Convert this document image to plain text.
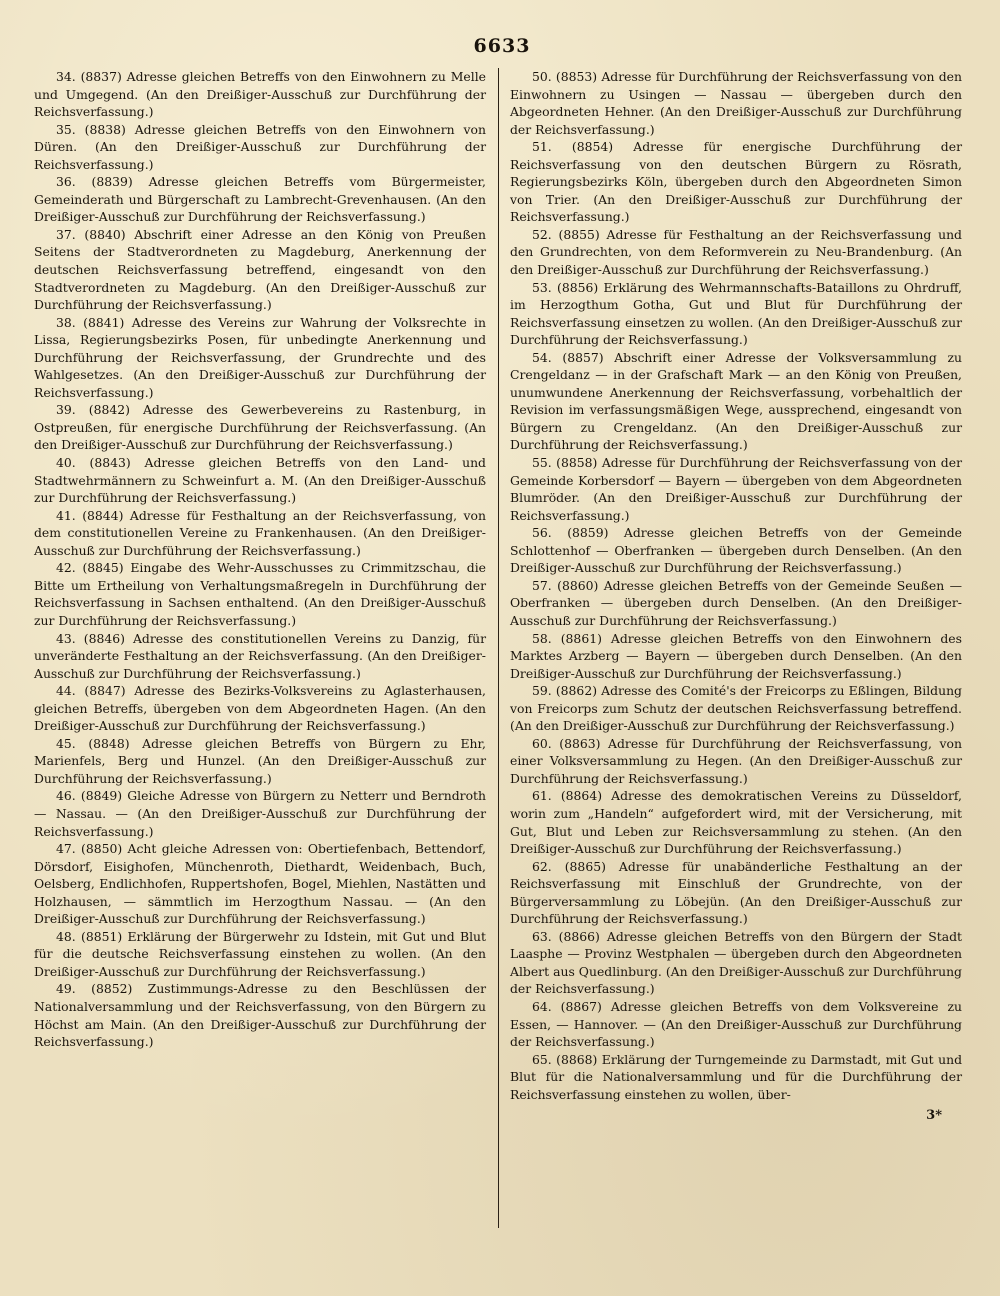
6633

34. (8837) Adresse gleichen Betreffs von den Einwohnern zu Melle und Umgegend. (An den Dreißiger-Ausschuß zur Durchführung der Reichsverfassung.)

35. (8838) Adresse gleichen Betreffs von den Einwohnern von Düren. (An den Dreißiger-Ausschuß zur Durchführung der Reichsverfassung.)

36. (8839) Adresse gleichen Betreffs vom Bürgermeister, Gemeinderath und Bürgerschaft zu Lambrecht-Grevenhausen. (An den Dreißiger-Ausschuß zur Durchführung der Reichsverfassung.)

37. (8840) Abschrift einer Adresse an den König von Preußen Seitens der Stadtverordneten zu Magdeburg, Anerkennung der deutschen Reichsverfassung betreffend, eingesandt von den Stadtverordneten zu Magdeburg. (An den Dreißiger-Ausschuß zur Durchführung der Reichsverfassung.)

38. (8841) Adresse des Vereins zur Wahrung der Volksrechte in Lissa, Regierungsbezirks Posen, für unbedingte Anerkennung und Durchführung der Reichsverfassung, der Grundrechte und des Wahlgesetzes. (An den Dreißiger-Ausschuß zur Durchführung der Reichsverfassung.)

39. (8842) Adresse des Gewerbevereins zu Rastenburg, in Ostpreußen, für energische Durchführung der Reichsverfassung. (An den Dreißiger-Ausschuß zur Durchführung der Reichsverfassung.)

40. (8843) Adresse gleichen Betreffs von den Land- und Stadtwehrmännern zu Schweinfurt a. M. (An den Dreißiger-Ausschuß zur Durchführung der Reichsverfassung.)

41. (8844) Adresse für Festhaltung an der Reichsverfassung, von dem constitutionellen Vereine zu Frankenhausen. (An den Dreißiger-Ausschuß zur Durchführung der Reichsverfassung.)

42. (8845) Eingabe des Wehr-Ausschusses zu Crimmitzschau, die Bitte um Ertheilung von Verhaltungsmaßregeln in Durchführung der Reichsverfassung in Sachsen enthaltend. (An den Dreißiger-Ausschuß zur Durchführung der Reichsverfassung.)

43. (8846) Adresse des constitutionellen Vereins zu Danzig, für unveränderte Festhaltung an der Reichsverfassung. (An den Dreißiger-Ausschuß zur Durchführung der Reichsverfassung.)

44. (8847) Adresse des Bezirks-Volksvereins zu Aglasterhausen, gleichen Betreffs, übergeben von dem Abgeordneten Hagen. (An den Dreißiger-Ausschuß zur Durchführung der Reichsverfassung.)

45. (8848) Adresse gleichen Betreffs von Bürgern zu Ehr, Marienfels, Berg und Hunzel. (An den Dreißiger-Ausschuß zur Durchführung der Reichsverfassung.)

46. (8849) Gleiche Adresse von Bürgern zu Netterr und Berndroth — Nassau. — (An den Dreißiger-Ausschuß zur Durchführung der Reichsverfassung.)

47. (8850) Acht gleiche Adressen von: Obertiefenbach, Bettendorf, Dörsdorf, Eisighofen, Münchenroth, Diethardt, Weidenbach, Buch, Oelsberg, Endlichhofen, Ruppertshofen, Bogel, Miehlen, Nastätten und Holzhausen, — sämmtlich im Herzogthum Nassau. — (An den Dreißiger-Ausschuß zur Durchführung der Reichsverfassung.)

48. (8851) Erklärung der Bürgerwehr zu Idstein, mit Gut und Blut für die deutsche Reichsverfassung einstehen zu wollen. (An den Dreißiger-Ausschuß zur Durchführung der Reichsverfassung.)

49. (8852) Zustimmungs-Adresse zu den Beschlüssen der Nationalversammlung und der Reichsverfassung, von den Bürgern zu Höchst am Main. (An den Dreißiger-Ausschuß zur Durchführung der Reichsverfassung.)

50. (8853) Adresse für Durchführung der Reichsverfassung von den Einwohnern zu Usingen — Nassau — übergeben durch den Abgeordneten Hehner. (An den Dreißiger-Ausschuß zur Durchführung der Reichsverfassung.)

51. (8854) Adresse für energische Durchführung der Reichsverfassung von den deutschen Bürgern zu Rösrath, Regierungsbezirks Köln, übergeben durch den Abgeordneten Simon von Trier. (An den Dreißiger-Ausschuß zur Durchführung der Reichsverfassung.)

52. (8855) Adresse für Festhaltung an der Reichsverfassung und den Grundrechten, von dem Reformverein zu Neu-Brandenburg. (An den Dreißiger-Ausschuß zur Durchführung der Reichsverfassung.)

53. (8856) Erklärung des Wehrmannschafts-Bataillons zu Ohrdruff, im Herzogthum Gotha, Gut und Blut für Durchführung der Reichsverfassung einsetzen zu wollen. (An den Dreißiger-Ausschuß zur Durchführung der Reichsverfassung.)

54. (8857) Abschrift einer Adresse der Volksversammlung zu Crengeldanz — in der Grafschaft Mark — an den König von Preußen, unumwundene Anerkennung der Reichsverfassung, vorbehaltlich der Revision im verfassungsmäßigen Wege, aussprechend, eingesandt von Bürgern zu Crengeldanz. (An den Dreißiger-Ausschuß zur Durchführung der Reichsverfassung.)

55. (8858) Adresse für Durchführung der Reichsverfassung von der Gemeinde Korbersdorf — Bayern — übergeben von dem Abgeordneten Blumröder. (An den Dreißiger-Ausschuß zur Durchführung der Reichsverfassung.)

56. (8859) Adresse gleichen Betreffs von der Gemeinde Schlottenhof — Oberfranken — übergeben durch Denselben. (An den Dreißiger-Ausschuß zur Durchführung der Reichsverfassung.)

57. (8860) Adresse gleichen Betreffs von der Gemeinde Seußen — Oberfranken — übergeben durch Denselben. (An den Dreißiger-Ausschuß zur Durchführung der Reichsverfassung.)

58. (8861) Adresse gleichen Betreffs von den Einwohnern des Marktes Arzberg — Bayern — übergeben durch Denselben. (An den Dreißiger-Ausschuß zur Durchführung der Reichsverfassung.)

59. (8862) Adresse des Comité's der Freicorps zu Eßlingen, Bildung von Freicorps zum Schutz der deutschen Reichsverfassung betreffend. (An den Dreißiger-Ausschuß zur Durchführung der Reichsverfassung.)

60. (8863) Adresse für Durchführung der Reichsverfassung, von einer Volksversammlung zu Hegen. (An den Dreißiger-Ausschuß zur Durchführung der Reichsverfassung.)

61. (8864) Adresse des demokratischen Vereins zu Düsseldorf, worin zum „Handeln“ aufgefordert wird, mit der Versicherung, mit Gut, Blut und Leben zur Reichsversammlung zu stehen. (An den Dreißiger-Ausschuß zur Durchführung der Reichsverfassung.)

62. (8865) Adresse für unabänderliche Festhaltung an der Reichsverfassung mit Einschluß der Grundrechte, von der Bürgerversammlung zu Löbejün. (An den Dreißiger-Ausschuß zur Durchführung der Reichsverfassung.)

63. (8866) Adresse gleichen Betreffs von den Bürgern der Stadt Laasphe — Provinz Westphalen — übergeben durch den Abgeordneten Albert aus Quedlinburg. (An den Dreißiger-Ausschuß zur Durchführung der Reichsverfassung.)

64. (8867) Adresse gleichen Betreffs von dem Volksvereine zu Essen, — Hannover. — (An den Dreißiger-Ausschuß zur Durchführung der Reichsverfassung.)

65. (8868) Erklärung der Turngemeinde zu Darmstadt, mit Gut und Blut für die Nationalversammlung und für die Durchführung der Reichsverfassung einstehen zu wollen, über-

3*
